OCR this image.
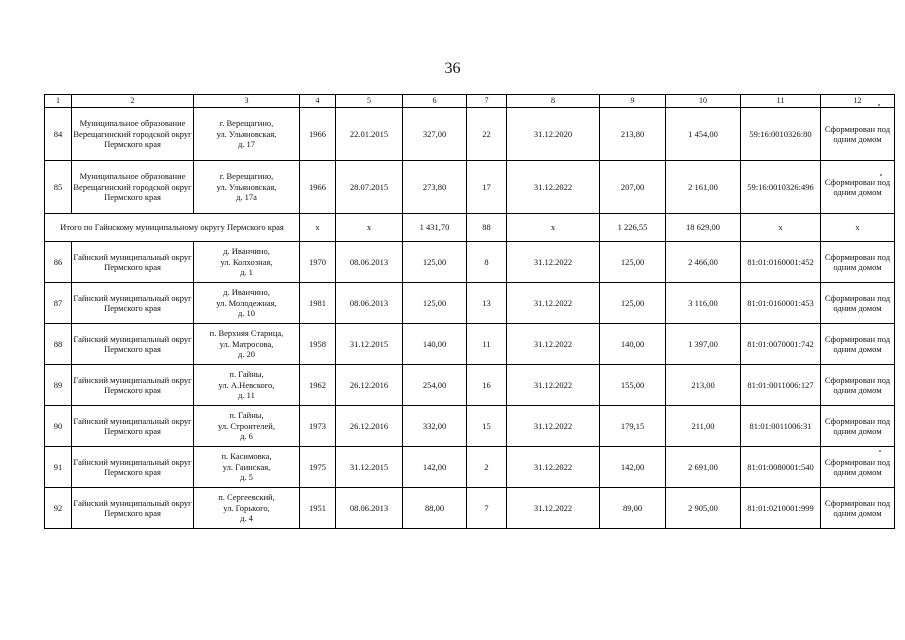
36
1	2	3	4	5	6	7	8	9	10	11	12
84	Муниципальное образование Верещагинский городской округ Пермского края	г. Верещагино,
ул. Ульяновская,
д. 17	1966	22.01.2015	327,00	22	31.12.2020	213,80	1 454,00	59:16:0010326:80	Сформирован под одним домом
85	Муниципальное образование Верещагинский городской округ Пермского края	г. Верещагино,
ул. Ульяновская,
д. 17а	1966	28.07.2015	273,80	17	31.12.2022	207,00	2 161,00	59:16:0010326:496	Сформирован под одним домом
Итого по Гайнскому муниципальному округу Пермского края			х	х	1 431,70	88	х	1 226,55	18 629,00	х	х
86	Гайнский муниципальный округ Пермского края	д. Иванчино,
ул. Колхозная,
д. 1	1970	08.06.2013	125,00	8	31.12.2022	125,00	2 466,00	81:01:0160001:452	Сформирован под одним домом
87	Гайнский муниципальный округ Пермского края	д. Иванчино,
ул. Молодежная,
д. 10	1981	08.06.2013	125,00	13	31.12.2022	125,00	3 116,00	81:01:0160001:453	Сформирован под одним домом
88	Гайнский муниципальный округ Пермского края	п. Верхняя Старица,
ул. Матросова,
д. 20	1958	31.12.2015	140,00	11	31.12.2022	140,00	1 397,00	81:01:0070001:742	Сформирован под одним домом
89	Гайнский муниципальный округ Пермского края	п. Гайны,
ул. А.Невского,
д. 11	1962	26.12.2016	254,00	16	31.12.2022	155,00	213,00	81:01:0011006:127	Сформирован под одним домом
90	Гайнский муниципальный округ Пермского края	п. Гайны,
ул. Строителей,
д. 6	1973	26.12.2016	332,00	15	31.12.2022	179,15	211,00	81:01:0011006:31	Сформирован под одним домом
91	Гайнский муниципальный округ Пермского края	п. Касимовка,
ул. Гаинская,
д. 5	1975	31.12.2015	142,00	2	31.12.2022	142,00	2 691,00	81:01:0080001:540	Сформирован под одним домом
92	Гайнский муниципальный округ Пермского края	п. Сергеевский,
ул. Горького,
д. 4	1951	08.06.2013	88,00	7	31.12.2022	89,00	2 905,00	81:01:0210001:999	Сформирован под одним домом
